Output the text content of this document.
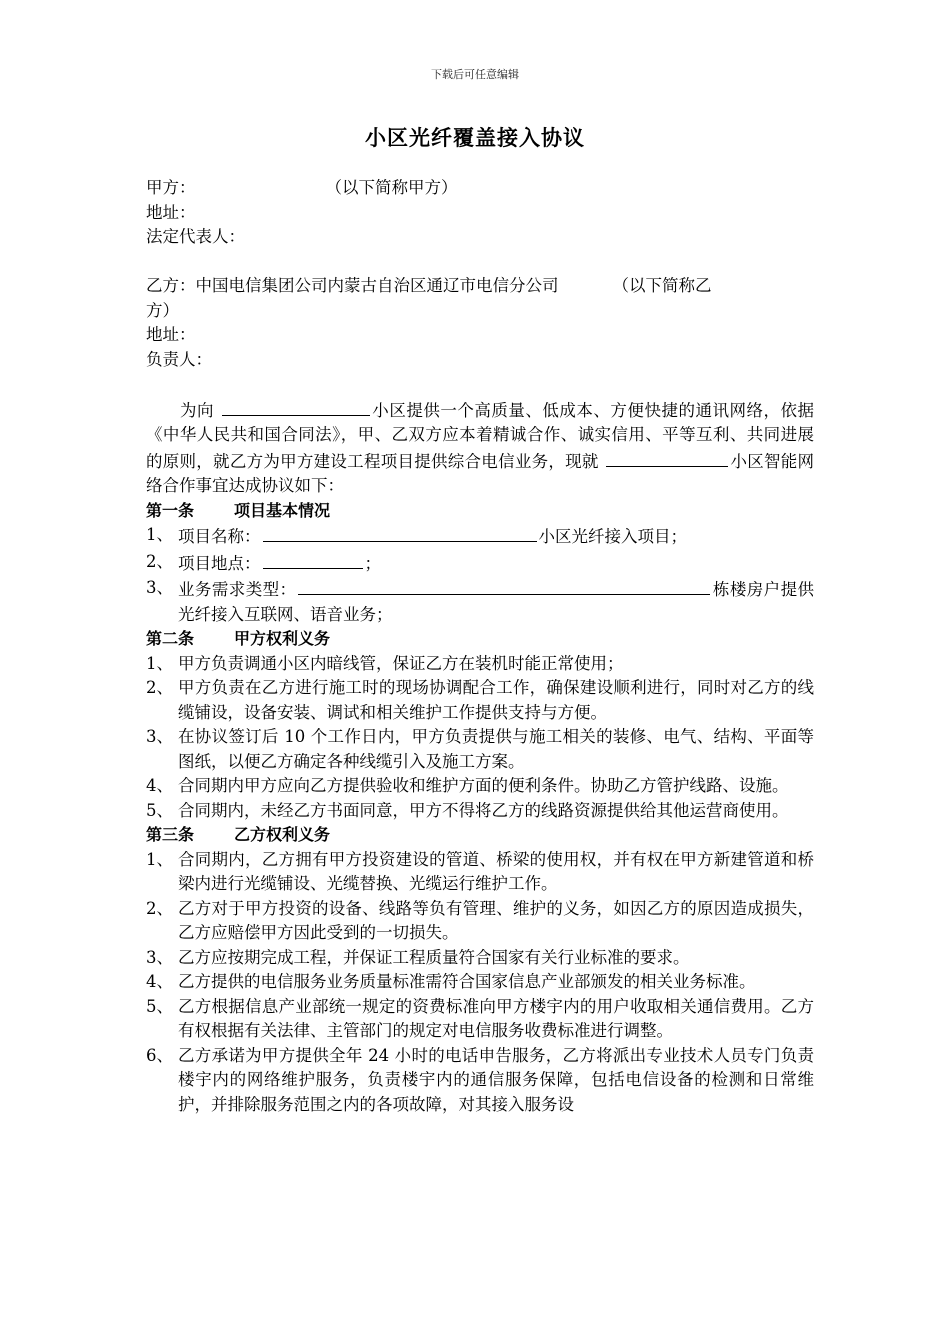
下载后可任意编辑
小区光纤覆盖接入协议
甲方：	（以下简称甲方）
地址：
法定代表人：
乙方：中国电信集团公司内蒙古自治区通辽市电信分公司	（以下简称乙
方）
地址：
负责人：

为向	小区提供一个高质量、低成本、方便快捷的通讯网络，依据《中华人民共和国合同法》，甲、乙双方应本着精诚合作、诚实信用、平等互利、共同进展的原则，就乙方为甲方建设工程项目提供综合电信业务，现就	小区智能网络合作事宜达成协议如下：

第一条	项目基本情况
1、 项目名称：	小区光纤接入项目；
2、 项目地点：	；
3、 业务需求类型：	栋楼房户提供光纤接入互联网、语音业务；
第二条	甲方权利义务
1、 甲方负责调通小区内暗线管，保证乙方在装机时能正常使用；
2、 甲方负责在乙方进行施工时的现场协调配合工作，确保建设顺利进行，同时对乙方的线缆铺设，设备安装、调试和相关维护工作提供支持与方便。
3、 在协议签订后 10 个工作日内，甲方负责提供与施工相关的装修、电气、结构、平面等图纸，以便乙方确定各种线缆引入及施工方案。
4、 合同期内甲方应向乙方提供验收和维护方面的便利条件。协助乙方管护线路、设施。
5、 合同期内，未经乙方书面同意，甲方不得将乙方的线路资源提供给其他运营商使用。
第三条	乙方权利义务
1、 合同期内，乙方拥有甲方投资建设的管道、桥梁的使用权，并有权在甲方新建管道和桥梁内进行光缆铺设、光缆替换、光缆运行维护工作。
2、 乙方对于甲方投资的设备、线路等负有管理、维护的义务，如因乙方的原因造成损失，乙方应赔偿甲方因此受到的一切损失。
3、 乙方应按期完成工程，并保证工程质量符合国家有关行业标准的要求。
4、 乙方提供的电信服务业务质量标准需符合国家信息产业部颁发的相关业务标准。
5、 乙方根据信息产业部统一规定的资费标准向甲方楼宇内的用户收取相关通信费用。乙方有权根据有关法律、主管部门的规定对电信服务收费标准进行调整。
6、 乙方承诺为甲方提供全年 24 小时的电话申告服务，乙方将派出专业技术人员专门负责楼宇内的网络维护服务，负责楼宇内的通信服务保障，包括电信设备的检测和日常维护，并排除服务范围之内的各项故障，对其接入服务设
